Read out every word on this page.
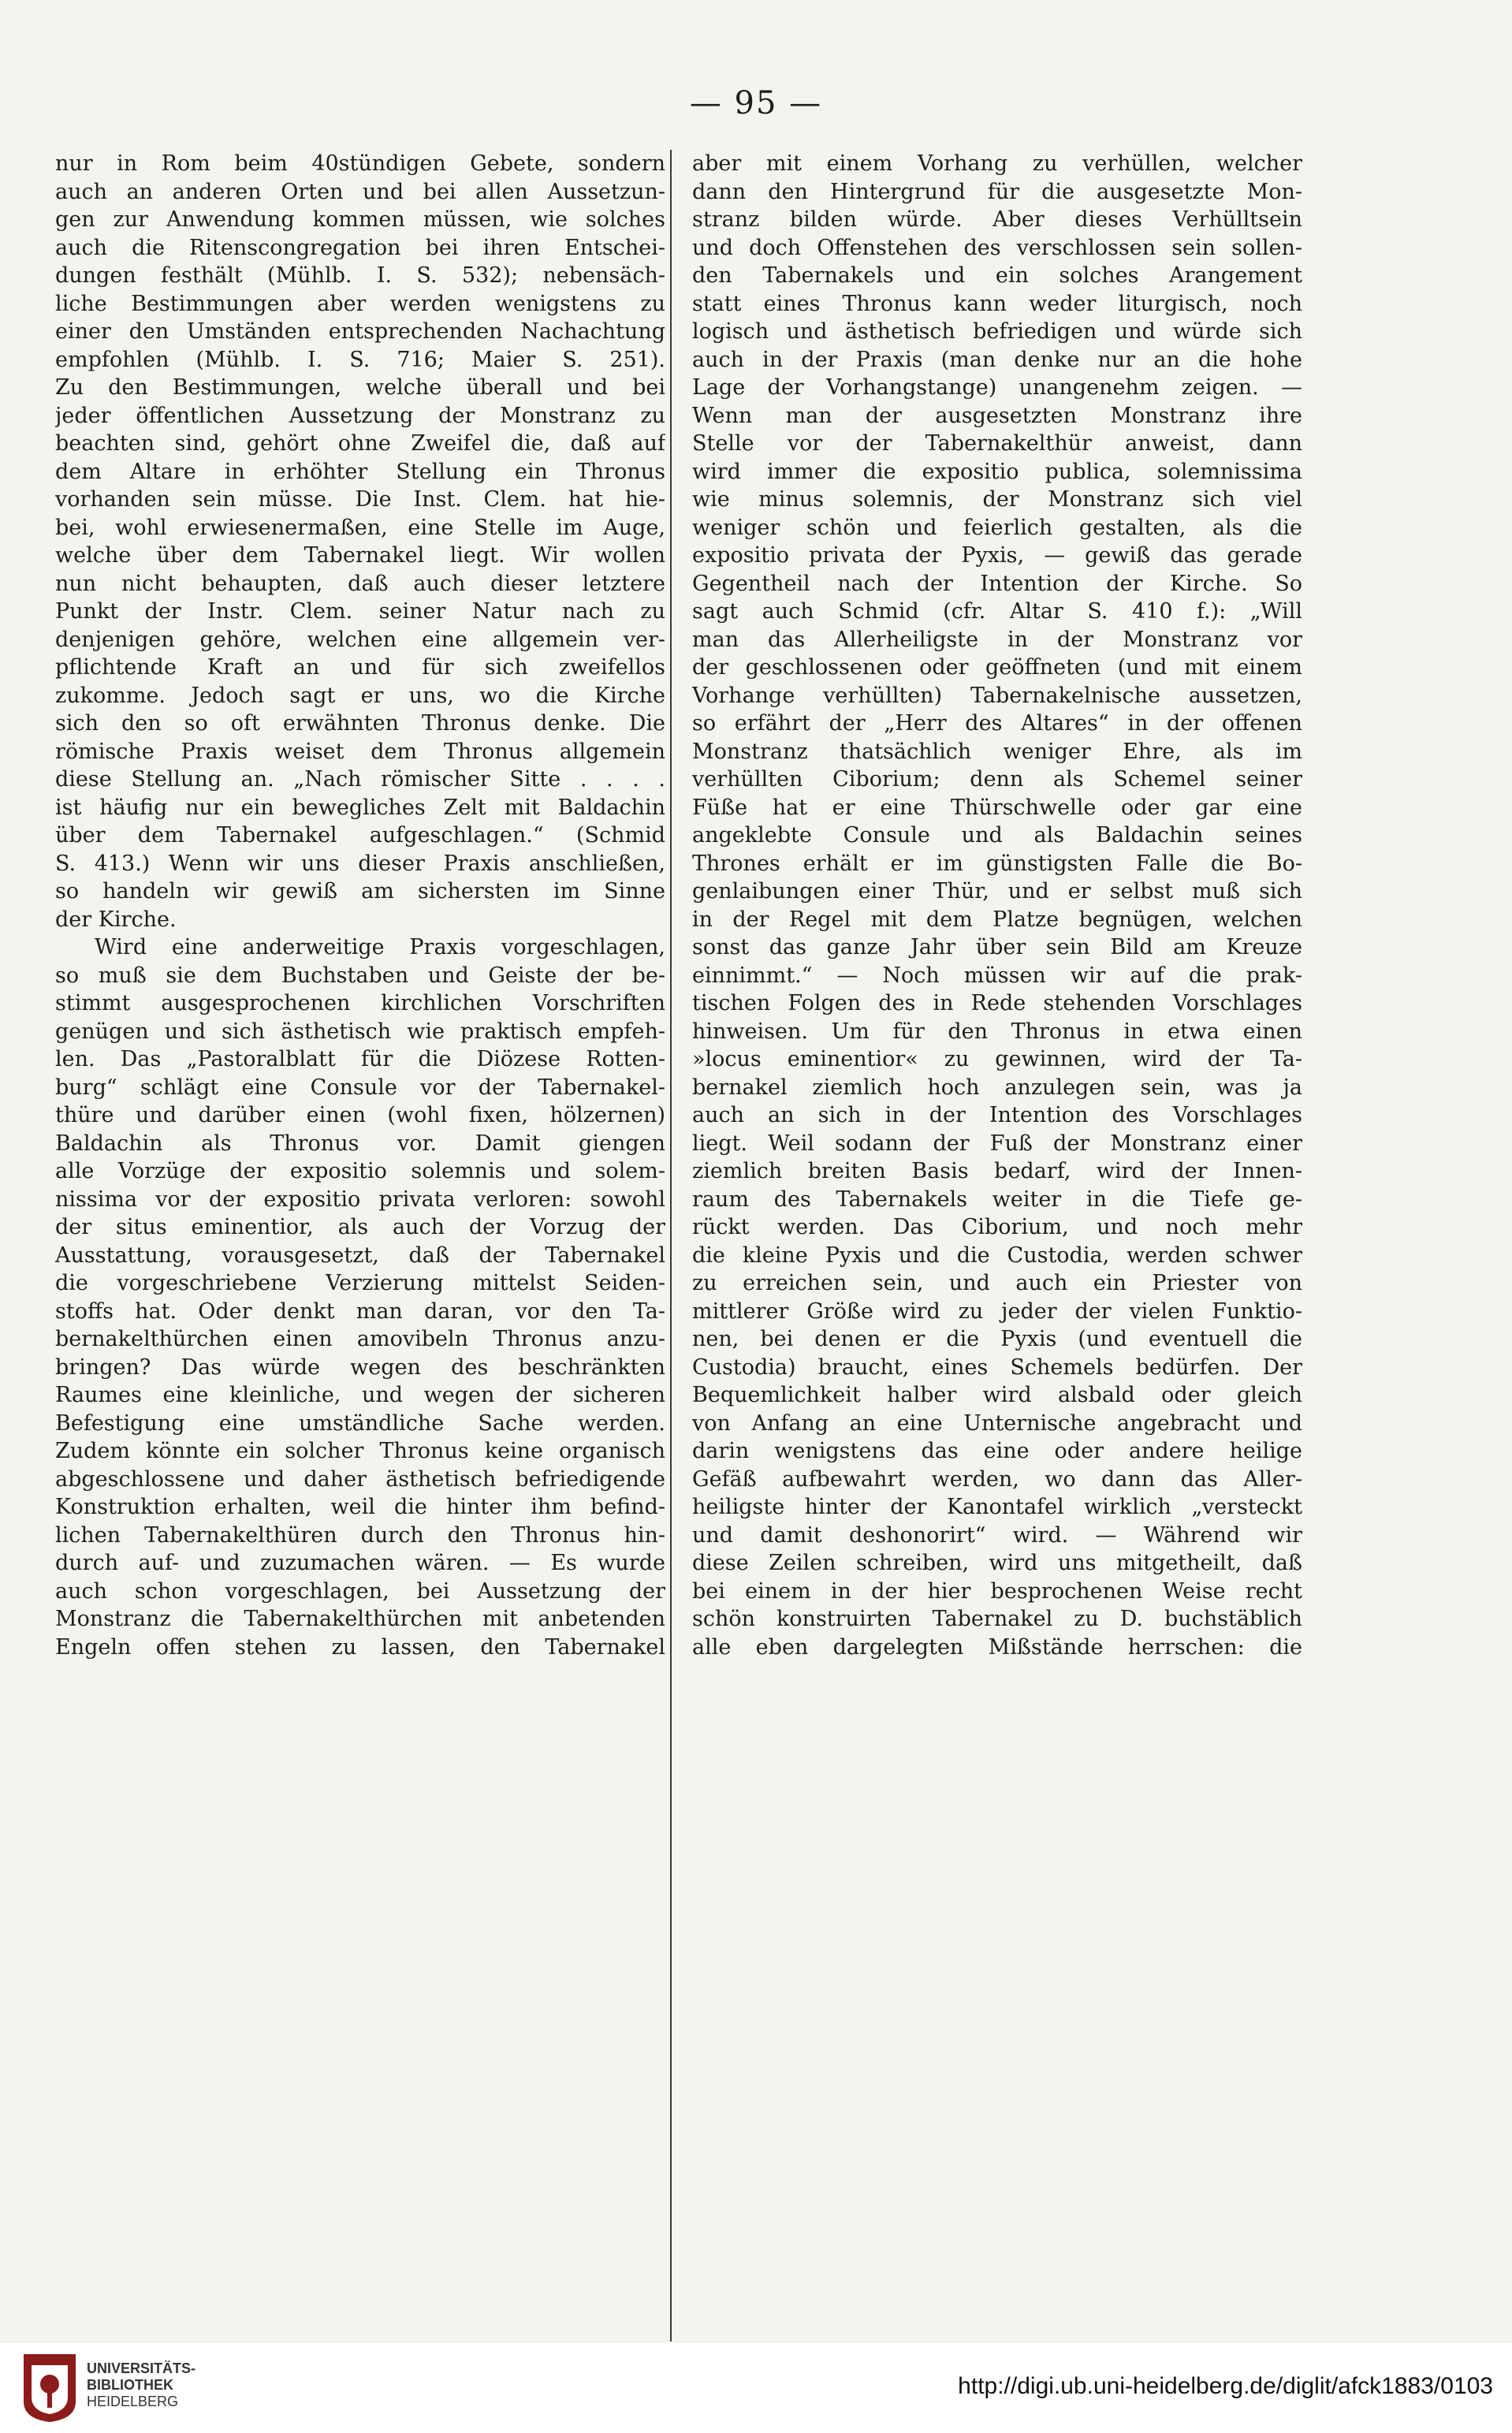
— 95 —
nur in Rom beim 40stündigen Gebete, sondern
auch an anderen Orten und bei allen Aussetzun-
gen zur Anwendung kommen müssen, wie solches
auch die Ritenscongregation bei ihren Entschei-
dungen festhält (Mühlb. I. S. 532); nebensäch-
liche Bestimmungen aber werden wenigstens zu
einer den Umständen entsprechenden Nachachtung
empfohlen (Mühlb. I. S. 716; Maier S. 251).
Zu den Bestimmungen, welche überall und bei
jeder öffentlichen Aussetzung der Monstranz zu
beachten sind, gehört ohne Zweifel die, daß auf
dem Altare in erhöhter Stellung ein Thronus
vorhanden sein müsse. Die Inst. Clem. hat hie-
bei, wohl erwiesenermaßen, eine Stelle im Auge,
welche über dem Tabernakel liegt. Wir wollen
nun nicht behaupten, daß auch dieser letztere
Punkt der Instr. Clem. seiner Natur nach zu
denjenigen gehöre, welchen eine allgemein ver-
pflichtende Kraft an und für sich zweifellos
zukomme. Jedoch sagt er uns, wo die Kirche
sich den so oft erwähnten Thronus denke. Die
römische Praxis weiset dem Thronus allgemein
diese Stellung an. „Nach römischer Sitte . . . .
ist häufig nur ein bewegliches Zelt mit Baldachin
über dem Tabernakel aufgeschlagen.“ (Schmid
S. 413.) Wenn wir uns dieser Praxis anschließen,
so handeln wir gewiß am sichersten im Sinne
der Kirche.
Wird eine anderweitige Praxis vorgeschlagen,
so muß sie dem Buchstaben und Geiste der be-
stimmt ausgesprochenen kirchlichen Vorschriften
genügen und sich ästhetisch wie praktisch empfeh-
len. Das „Pastoralblatt für die Diözese Rotten-
burg“ schlägt eine Consule vor der Tabernakel-
thüre und darüber einen (wohl fixen, hölzernen)
Baldachin als Thronus vor. Damit giengen
alle Vorzüge der expositio solemnis und solem-
nissima vor der expositio privata verloren: sowohl
der situs eminentior, als auch der Vorzug der
Ausstattung, vorausgesetzt, daß der Tabernakel
die vorgeschriebene Verzierung mittelst Seiden-
stoffs hat. Oder denkt man daran, vor den Ta-
bernakelthürchen einen amovibeln Thronus anzu-
bringen? Das würde wegen des beschränkten
Raumes eine kleinliche, und wegen der sicheren
Befestigung eine umständliche Sache werden.
Zudem könnte ein solcher Thronus keine organisch
abgeschlossene und daher ästhetisch befriedigende
Konstruktion erhalten, weil die hinter ihm befind-
lichen Tabernakelthüren durch den Thronus hin-
durch auf- und zuzumachen wären. — Es wurde
auch schon vorgeschlagen, bei Aussetzung der
Monstranz die Tabernakelthürchen mit anbetenden
Engeln offen stehen zu lassen, den Tabernakel
aber mit einem Vorhang zu verhüllen, welcher
dann den Hintergrund für die ausgesetzte Mon-
stranz bilden würde. Aber dieses Verhülltsein
und doch Offenstehen des verschlossen sein sollen-
den Tabernakels und ein solches Arangement
statt eines Thronus kann weder liturgisch, noch
logisch und ästhetisch befriedigen und würde sich
auch in der Praxis (man denke nur an die hohe
Lage der Vorhangstange) unangenehm zeigen. —
Wenn man der ausgesetzten Monstranz ihre
Stelle vor der Tabernakelthür anweist, dann
wird immer die expositio publica, solemnissima
wie minus solemnis, der Monstranz sich viel
weniger schön und feierlich gestalten, als die
expositio privata der Pyxis, — gewiß das gerade
Gegentheil nach der Intention der Kirche. So
sagt auch Schmid (cfr. Altar S. 410 f.): „Will
man das Allerheiligste in der Monstranz vor
der geschlossenen oder geöffneten (und mit einem
Vorhange verhüllten) Tabernakelnische aussetzen,
so erfährt der „Herr des Altares“ in der offenen
Monstranz thatsächlich weniger Ehre, als im
verhüllten Ciborium; denn als Schemel seiner
Füße hat er eine Thürschwelle oder gar eine
angeklebte Consule und als Baldachin seines
Thrones erhält er im günstigsten Falle die Bo-
genlaibungen einer Thür, und er selbst muß sich
in der Regel mit dem Platze begnügen, welchen
sonst das ganze Jahr über sein Bild am Kreuze
einnimmt.“ — Noch müssen wir auf die prak-
tischen Folgen des in Rede stehenden Vorschlages
hinweisen. Um für den Thronus in etwa einen
»locus eminentior« zu gewinnen, wird der Ta-
bernakel ziemlich hoch anzulegen sein, was ja
auch an sich in der Intention des Vorschlages
liegt. Weil sodann der Fuß der Monstranz einer
ziemlich breiten Basis bedarf, wird der Innen-
raum des Tabernakels weiter in die Tiefe ge-
rückt werden. Das Ciborium, und noch mehr
die kleine Pyxis und die Custodia, werden schwer
zu erreichen sein, und auch ein Priester von
mittlerer Größe wird zu jeder der vielen Funktio-
nen, bei denen er die Pyxis (und eventuell die
Custodia) braucht, eines Schemels bedürfen. Der
Bequemlichkeit halber wird alsbald oder gleich
von Anfang an eine Unternische angebracht und
darin wenigstens das eine oder andere heilige
Gefäß aufbewahrt werden, wo dann das Aller-
heiligste hinter der Kanontafel wirklich „versteckt
und damit deshonorirt“ wird. — Während wir
diese Zeilen schreiben, wird uns mitgetheilt, daß
bei einem in der hier besprochenen Weise recht
schön konstruirten Tabernakel zu D. buchstäblich
alle eben dargelegten Mißstände herrschen: die
UNIVERSITÄTS-
BIBLIOTHEK
HEIDELBERG
http://digi.ub.uni-heidelberg.de/diglit/afck1883/0103
